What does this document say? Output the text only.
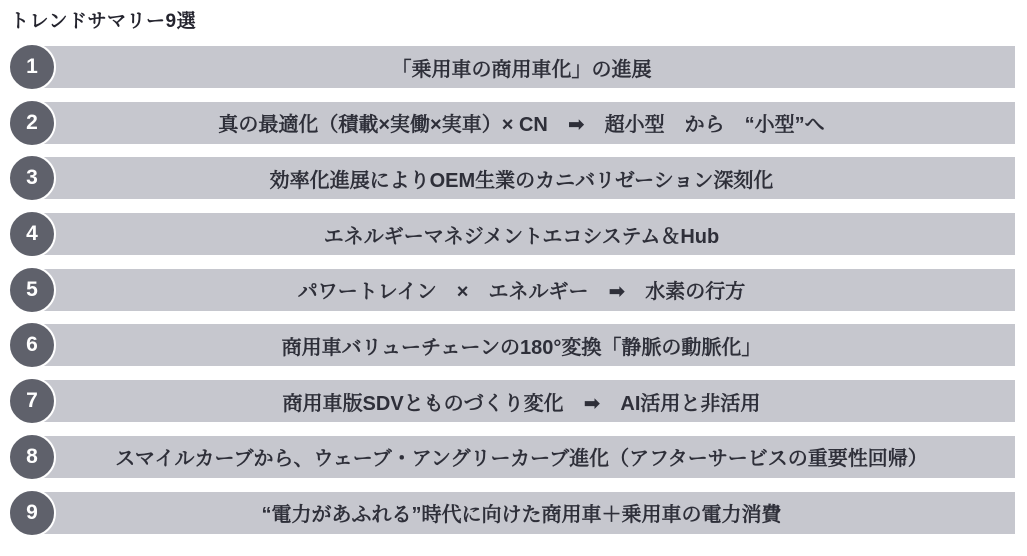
トレンドサマリー9選
1	「乗用車の商用車化」の進展
2	真の最適化（積載×実働×実車）× CN　➡　超小型　から　“小型”へ
3	効率化進展によりOEM生業のカニバリゼーション深刻化
4	エネルギーマネジメントエコシステム＆Hub
5	パワートレイン　×　エネルギー　➡　水素の行方
6	商用車バリューチェーンの180°変換「静脈の動脈化」
7	商用車版SDVとものづくり変化　➡　AI活用と非活用
8	スマイルカーブから、ウェーブ・アングリーカーブ進化（アフターサービスの重要性回帰）
9	“電力があふれる”時代に向けた商用車＋乗用車の電力消費
